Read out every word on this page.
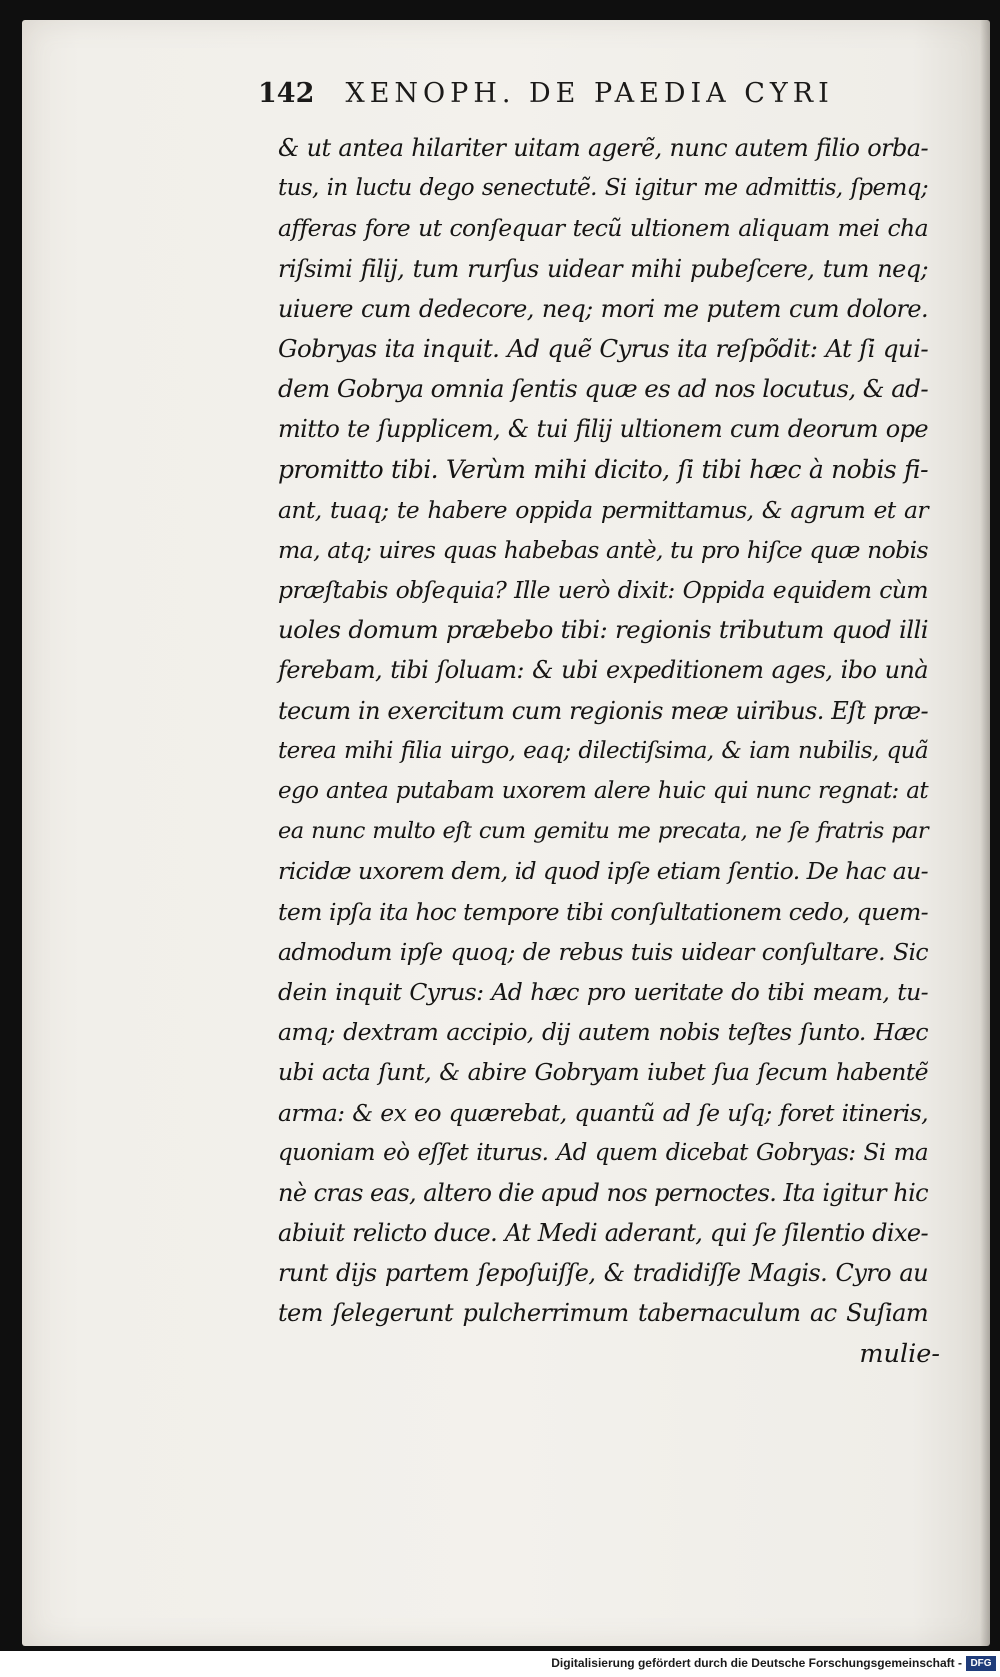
142 XENOPH. DE PAEDIA CYRI
& ut antea hilariter uitam agerẽ, nunc autem filio orba-
tus, in luctu dego senectutẽ. Si igitur me admittis, ſpemq;
afferas fore ut conſequar tecũ ultionem aliquam mei cha
riſsimi filij, tum rurſus uidear mihi pubeſcere, tum neq;
uiuere cum dedecore, neq; mori me putem cum dolore.
Gobryas ita inquit. Ad quẽ Cyrus ita reſpõdit: At ſi qui-
dem Gobrya omnia ſentis quæ es ad nos locutus, & ad-
mitto te ſupplicem, & tui filij ultionem cum deorum ope
promitto tibi. Verùm mihi dicito, ſi tibi hæc à nobis fi-
ant, tuaq; te habere oppida permittamus, & agrum et ar
ma, atq; uires quas habebas antè, tu pro hiſce quæ nobis
præſtabis obſequia? Ille uerò dixit: Oppida equidem cùm
uoles domum præbebo tibi: regionis tributum quod illi
ferebam, tibi ſoluam: & ubi expeditionem ages, ibo unà
tecum in exercitum cum regionis meæ uiribus. Eſt præ-
terea mihi filia uirgo, eaq; dilectiſsima, & iam nubilis, quã
ego antea putabam uxorem alere huic qui nunc regnat: at
ea nunc multo eſt cum gemitu me precata, ne ſe fratris par
ricidæ uxorem dem, id quod ipſe etiam ſentio. De hac au-
tem ipſa ita hoc tempore tibi conſultationem cedo, quem-
admodum ipſe quoq; de rebus tuis uidear conſultare. Sic
dein inquit Cyrus: Ad hæc pro ueritate do tibi meam, tu-
amq; dextram accipio, dij autem nobis teſtes ſunto. Hæc
ubi acta ſunt, & abire Gobryam iubet ſua ſecum habentẽ
arma: & ex eo quærebat, quantũ ad ſe uſq; foret itineris,
quoniam eò eſſet iturus. Ad quem dicebat Gobryas: Si ma
nè cras eas, altero die apud nos pernoctes. Ita igitur hic
abiuit relicto duce. At Medi aderant, qui ſe ſilentio dixe-
runt dijs partem ſepoſuiſſe, & tradidiſſe Magis. Cyro au
tem ſelegerunt pulcherrimum tabernaculum ac Suſiam
mulie-
Digitalisierung gefördert durch die Deutsche Forschungsgemeinschaft - DFG
